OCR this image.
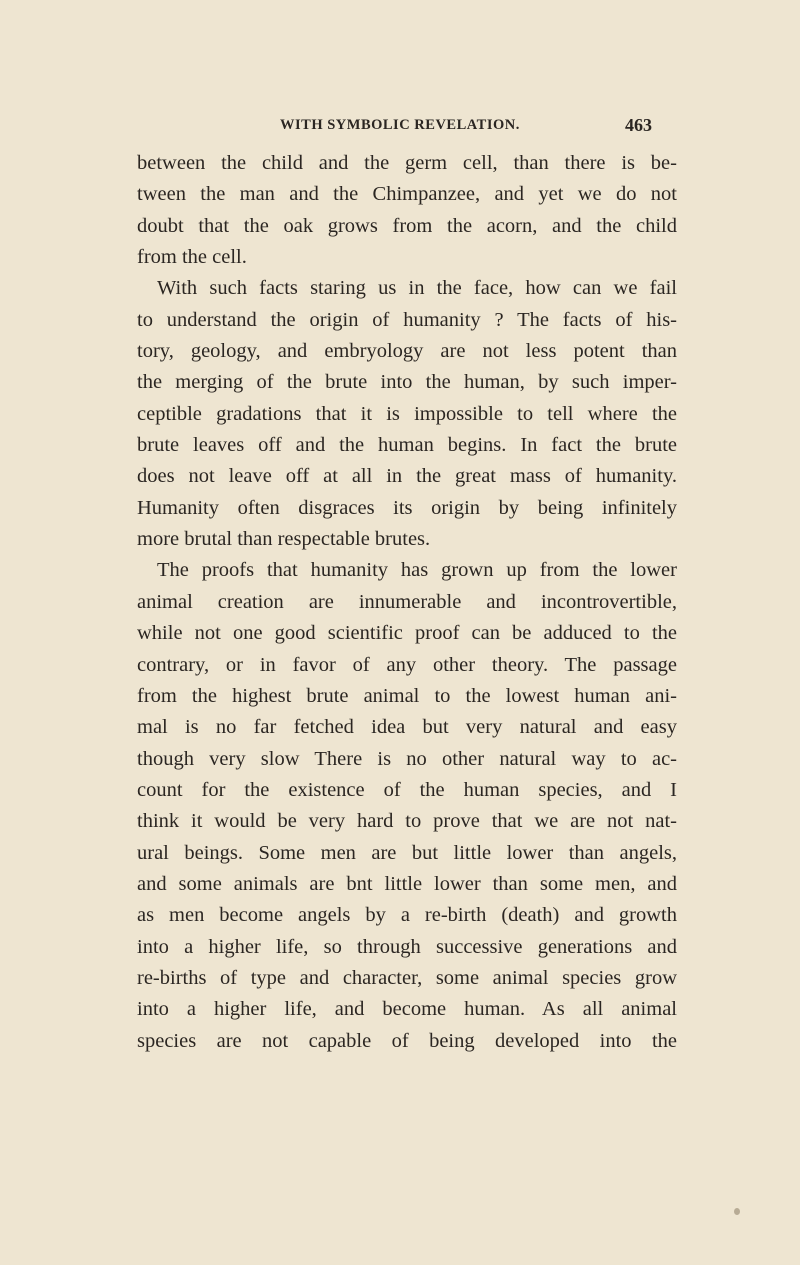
WITH SYMBOLIC REVELATION.	463
between the child and the germ cell, than there is be-
tween the man and the Chimpanzee, and yet we do not
doubt that the oak grows from the acorn, and the child
from the cell.
With such facts staring us in the face, how can we fail
to understand the origin of humanity ? The facts of his-
tory, geology, and embryology are not less potent than
the merging of the brute into the human, by such imper-
ceptible gradations that it is impossible to tell where the
brute leaves off and the human begins. In fact the brute
does not leave off at all in the great mass of humanity.
Humanity often disgraces its origin by being infinitely
more brutal than respectable brutes.
The proofs that humanity has grown up from the lower
animal creation are innumerable and incontrovertible,
while not one good scientific proof can be adduced to the
contrary, or in favor of any other theory. The passage
from the highest brute animal to the lowest human ani-
mal is no far fetched idea but very natural and easy
though very slow There is no other natural way to ac-
count for the existence of the human species, and I
think it would be very hard to prove that we are not nat-
ural beings. Some men are but little lower than angels,
and some animals are bnt little lower than some men, and
as men become angels by a re-birth (death) and growth
into a higher life, so through successive generations and
re-births of type and character, some animal species grow
into a higher life, and become human. As all animal
species are not capable of being developed into the
